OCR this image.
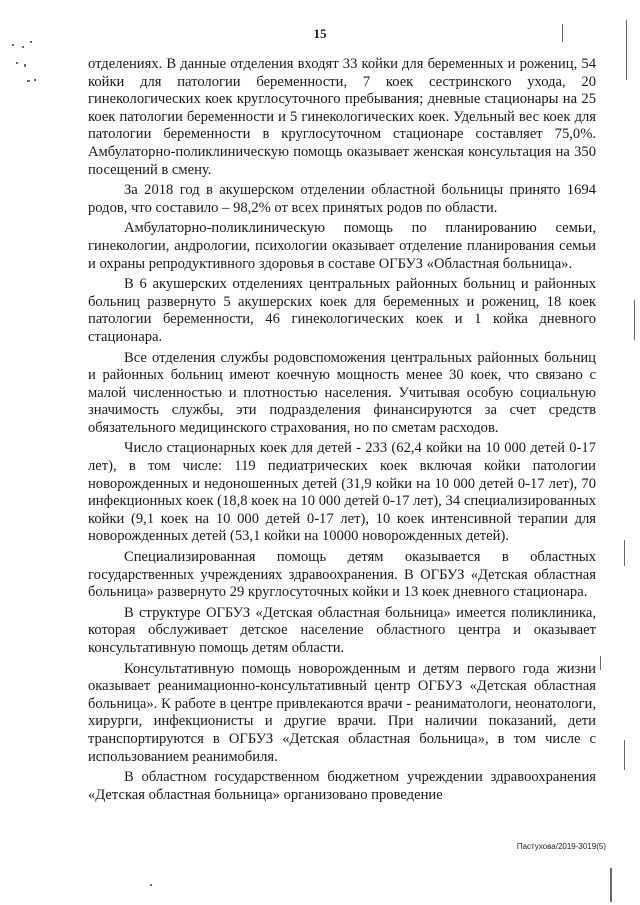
15

отделениях. В данные отделения входят 33 койки для беременных и рожениц, 54 койки для патологии беременности, 7 коек сестринского ухода, 20 гинекологических коек круглосуточного пребывания; дневные стационары на 25 коек патологии беременности и 5 гинекологических коек. Удельный вес коек для патологии беременности в круглосуточном стационаре составляет 75,0%. Амбулаторно-поликлиническую помощь оказывает женская консультация на 350 посещений в смену.

За 2018 год в акушерском отделении областной больницы принято 1694 родов, что составило – 98,2% от всех принятых родов по области.

Амбулаторно-поликлиническую помощь по планированию семьи, гинекологии, андрологии, психологии оказывает отделение планирования семьи и охраны репродуктивного здоровья в составе ОГБУЗ «Областная больница».

В 6 акушерских отделениях центральных районных больниц и районных больниц развернуто 5 акушерских коек для беременных и рожениц, 18 коек патологии беременности, 46 гинекологических коек и 1 койка дневного стационара.

Все отделения службы родовспоможения центральных районных больниц и районных больниц имеют коечную мощность менее 30 коек, что связано с малой численностью и плотностью населения. Учитывая особую социальную значимость службы, эти подразделения финансируются за счет средств обязательного медицинского страхования, но по сметам расходов.

Число стационарных коек для детей - 233 (62,4 койки на 10 000 детей 0-17 лет), в том числе: 119 педиатрических коек включая койки патологии новорожденных и недоношенных детей (31,9 койки на 10 000 детей 0-17 лет), 70 инфекционных коек (18,8 коек на 10 000 детей 0-17 лет), 34 специализированных койки (9,1 коек на 10 000 детей 0-17 лет), 10 коек интенсивной терапии для новорожденных детей (53,1 койки на 10000 новорожденных детей).

Специализированная помощь детям оказывается в областных государственных учреждениях здравоохранения. В ОГБУЗ «Детская областная больница» развернуто 29 круглосуточных койки и 13 коек дневного стационара.

В структуре ОГБУЗ «Детская областная больница» имеется поликлиника, которая обслуживает детское население областного центра и оказывает консультативную помощь детям области.

Консультативную помощь новорожденным и детям первого года жизни оказывает реанимационно-консультативный центр ОГБУЗ «Детская областная больница». К работе в центре привлекаются врачи - реаниматологи, неонатологи, хирурги, инфекционисты и другие врачи. При наличии показаний, дети транспортируются в ОГБУЗ «Детская областная больница», в том числе с использованием реанимобиля.

В областном государственном бюджетном учреждении здравоохранения «Детская областная больница» организовано проведение

Пастухова/2019-3019(5)
